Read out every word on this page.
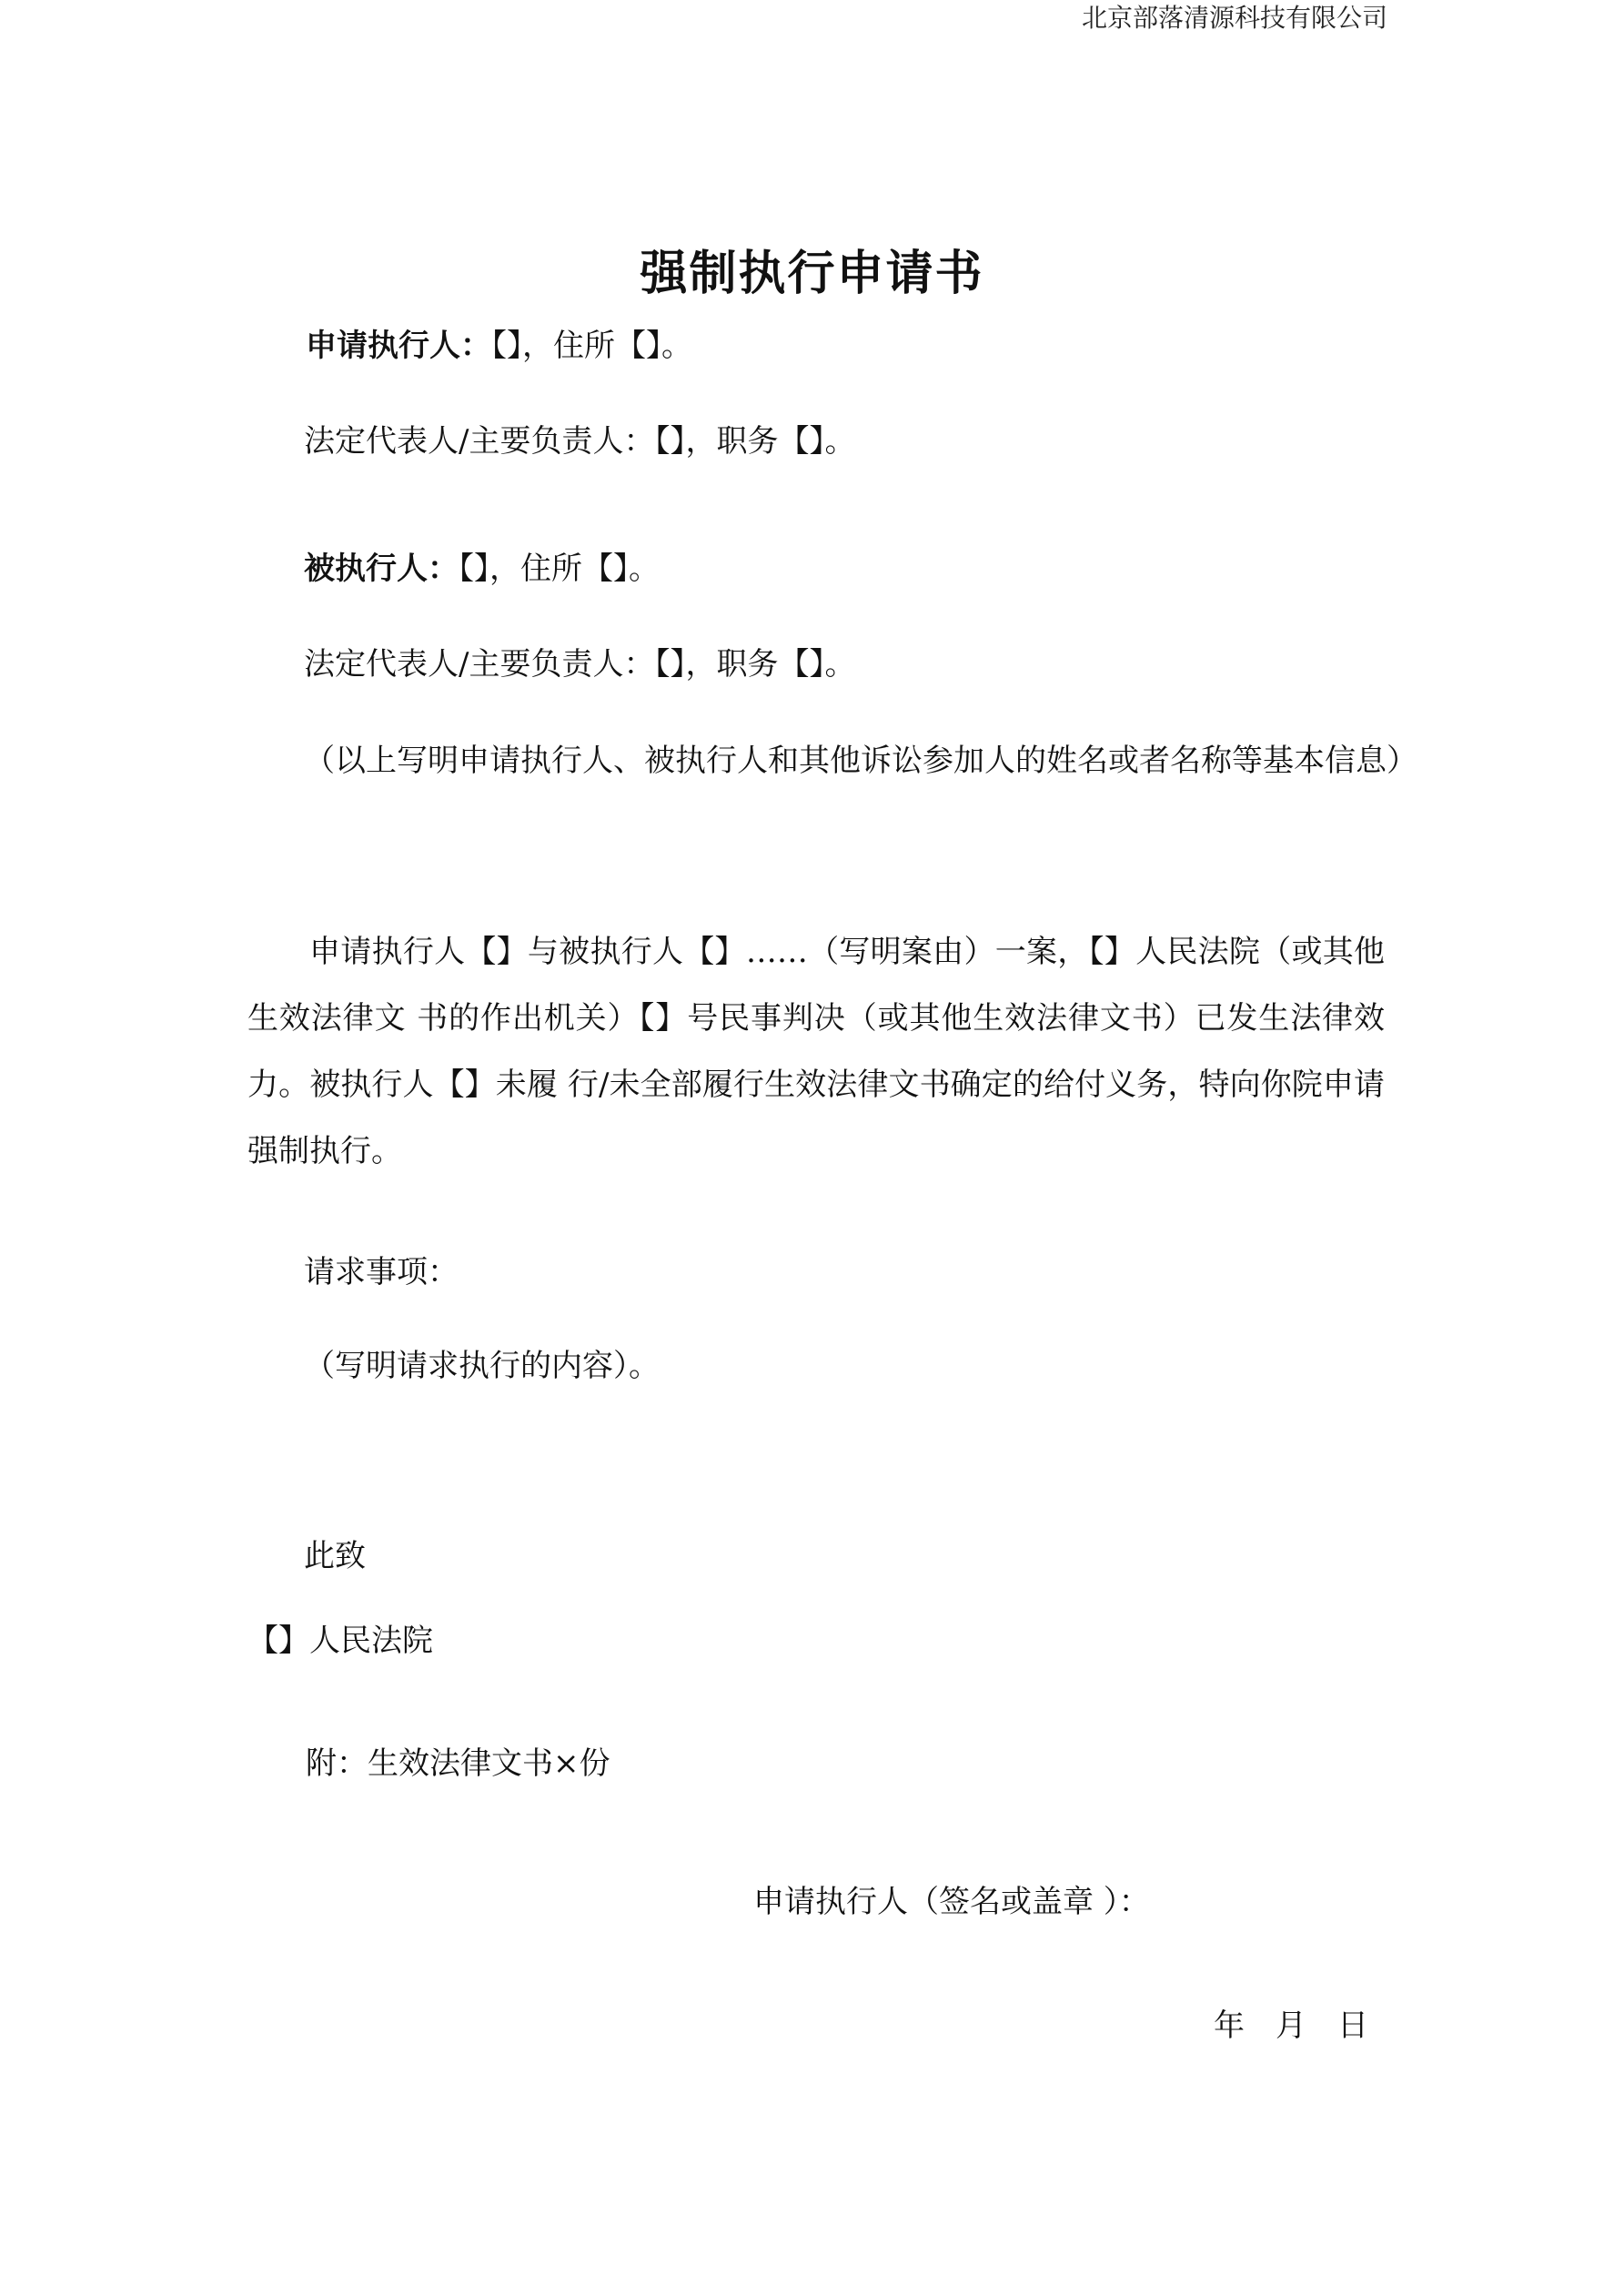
北京部落清源科技有限公司
强制执行申请书

申请执行人：【】，住所【】。

法定代表人/主要负责人：【】，职务【】。

被执行人：【】，住所【】。

法定代表人/主要负责人：【】，职务【】。

（以上写明申请执行人、被执行人和其他诉讼参加人的姓名或者名称等基本信息）

申请执行人【】与被执行人【】……（写明案由）一案，【】人民法院（或其他生效法律文 书的作出机关）【】号民事判决（或其他生效法律文书）已发生法律效力。被执行人【】未履 行/未全部履行生效法律文书确定的给付义务，特向你院申请强制执行。

请求事项：

（写明请求执行的内容）。

此致

【】人民法院

附：生效法律文书×份

申请执行人（签名或盖章 ）：

年　月　日
